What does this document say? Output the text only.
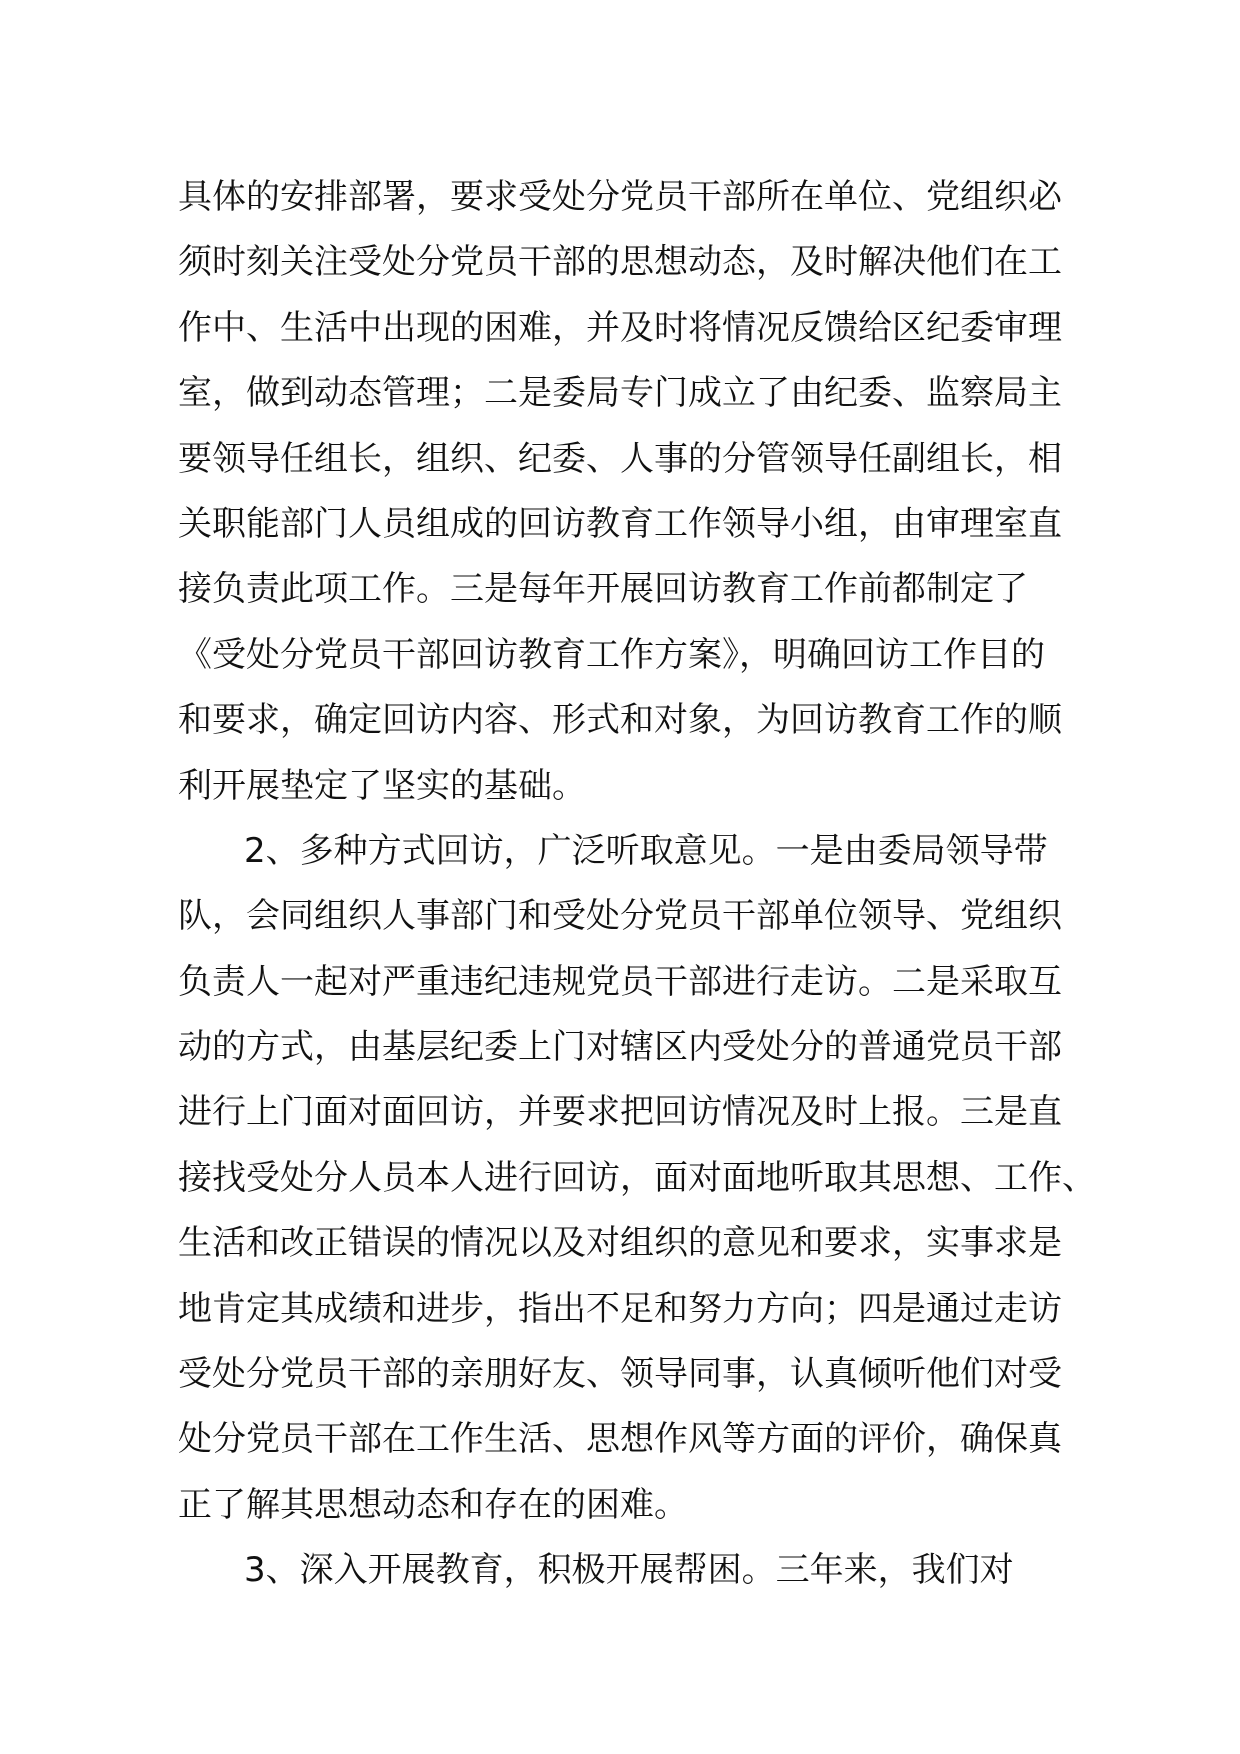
具体的安排部署，要求受处分党员干部所在单位、党组织必
须时刻关注受处分党员干部的思想动态，及时解决他们在工
作中、生活中出现的困难，并及时将情况反馈给区纪委审理
室，做到动态管理；二是委局专门成立了由纪委、监察局主
要领导任组长，组织、纪委、人事的分管领导任副组长，相
关职能部门人员组成的回访教育工作领导小组，由审理室直
接负责此项工作。三是每年开展回访教育工作前都制定了
《受处分党员干部回访教育工作方案》，明确回访工作目的
和要求，确定回访内容、形式和对象，为回访教育工作的顺
利开展垫定了坚实的基础。
2、多种方式回访，广泛听取意见。一是由委局领导带
队，会同组织人事部门和受处分党员干部单位领导、党组织
负责人一起对严重违纪违规党员干部进行走访。二是采取互
动的方式，由基层纪委上门对辖区内受处分的普通党员干部
进行上门面对面回访，并要求把回访情况及时上报。三是直
接找受处分人员本人进行回访，面对面地听取其思想、工作、
生活和改正错误的情况以及对组织的意见和要求，实事求是
地肯定其成绩和进步，指出不足和努力方向；四是通过走访
受处分党员干部的亲朋好友、领导同事，认真倾听他们对受
处分党员干部在工作生活、思想作风等方面的评价，确保真
正了解其思想动态和存在的困难。
3、深入开展教育，积极开展帮困。三年来，我们对
